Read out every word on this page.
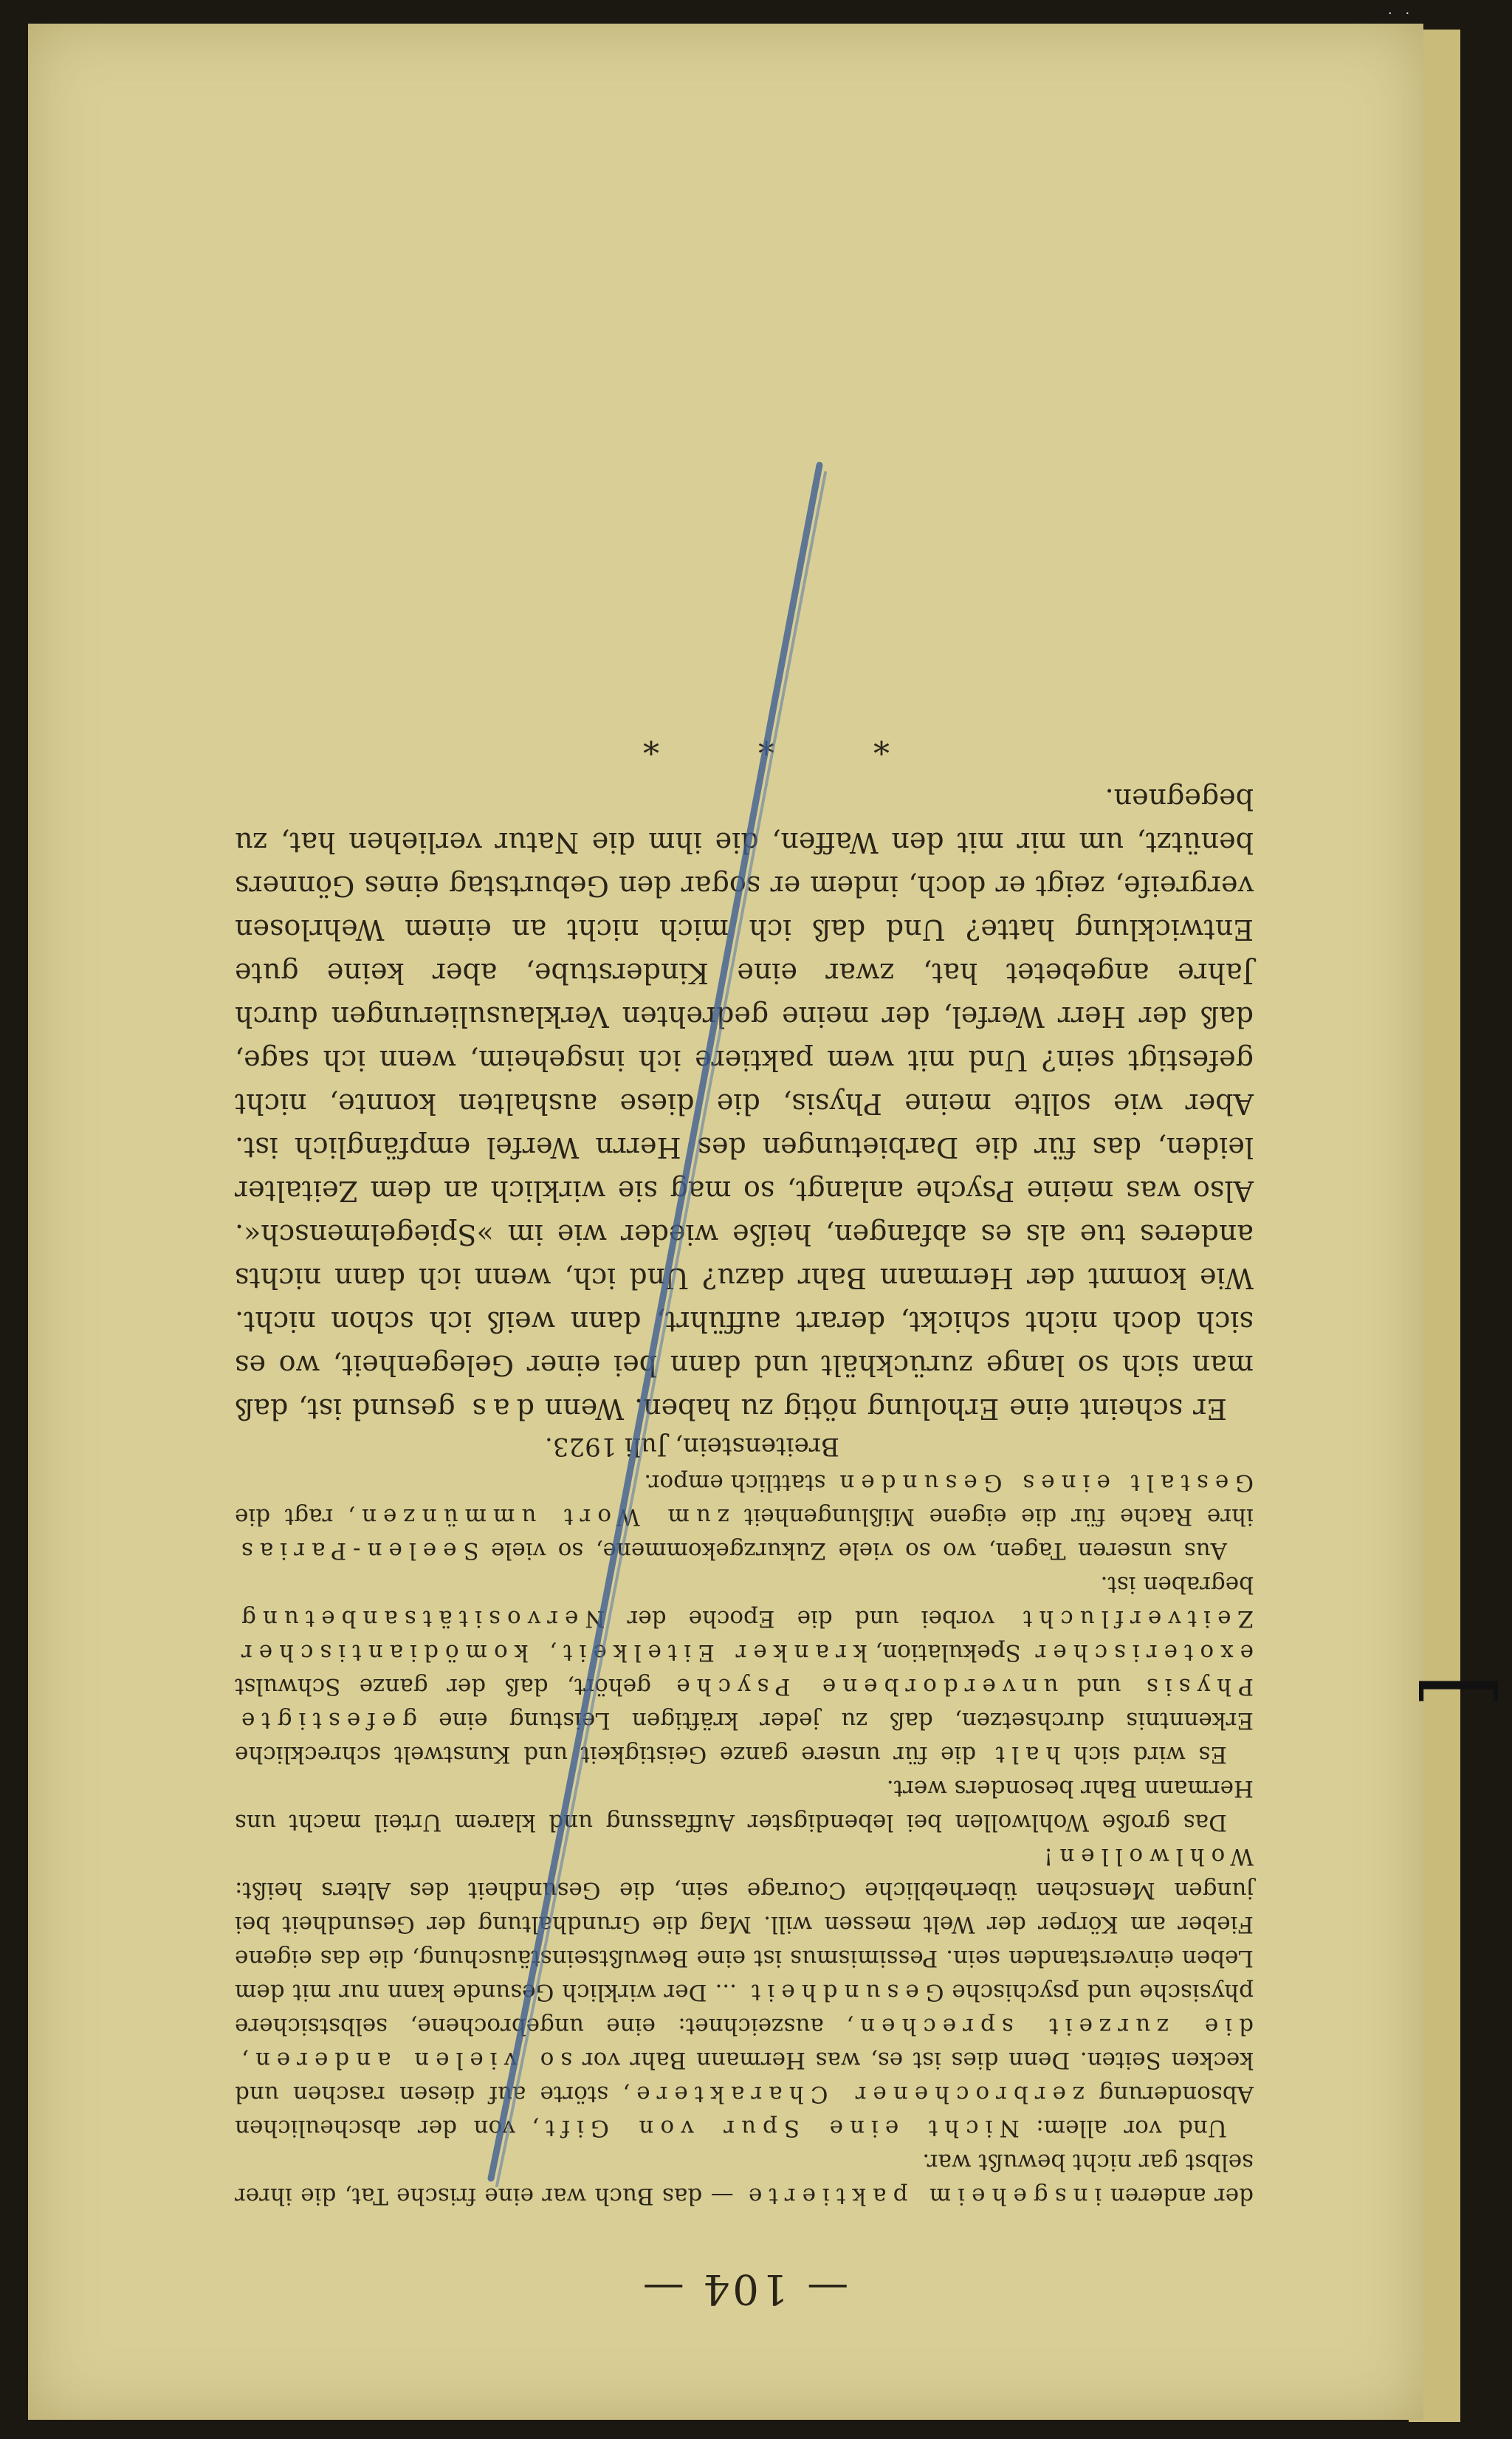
· ·
— 104 —

der anderen insgeheim paktierte — das Buch war eine frische Tat, die ihrer selbst gar nicht bewußt war.

Und vor allem: Nicht eine Spur von Gift, von der abscheulichen Absonderung zerbrochener Charaktere, störte auf diesen raschen und kecken Seiten. Denn dies ist es, was Hermann Bahr vor so vielen anderen, die zurzeit sprechen, auszeichnet: eine ungebrochene, selbstsichere physische und psychische Gesundheit ... Der wirklich Gesunde kann nur mit dem Leben einverstanden sein. Pessimismus ist eine Bewußtseinstäuschung, die das eigene Fieber am Körper der Welt messen will. Mag die Grundhaltung der Gesundheit bei jungen Menschen überhebliche Courage sein, die Gesundheit des Alters heißt: Wohlwollen!

Das große Wohlwollen bei lebendigster Auffassung und klarem Urteil macht uns Hermann Bahr besonders wert.

Es wird sich halt die für unsere ganze Geistigkeit und Kunstwelt schreckliche Erkenntnis durchsetzen, daß zu jeder kräftigen Leistung eine gefestigte Physis und unverdorbene Psyche gehört, daß der ganze Schwulst exoterischer Spekulation, kranker Eitelkeit, komödiantischer Zeitverflucht vorbei und die Epoche der Nervositätsanbetung begraben ist.

Aus unseren Tagen, wo so viele Zukurzgekommene, so viele Seelen-Parias ihre Rache für die eigene Mißlungenheit zum Wort ummünzen, ragt die Gestalt eines Gesunden stattlich empor.

Breitenstein, Juli 1923.

Er scheint eine Erholung nötig zu haben. Wenn das gesund ist, daß man sich so lange zurückhält und dann bei einer Gelegenheit, wo es sich doch nicht schickt, derart aufführt, dann weiß ich schon nicht. Wie kommt der Hermann Bahr dazu? Und ich, wenn ich dann nichts anderes tue als es abfangen, heiße wieder wie im »Spiegelmensch«. Also was meine Psyche anlangt, so mag sie wirklich an dem Zeitalter leiden, das für die Darbietungen des Herrn Werfel empfänglich ist. Aber wie sollte meine Physis, die diese aushalten konnte, nicht gefestigt sein? Und mit wem paktiere ich insgeheim, wenn ich sage, daß der Herr Werfel, der meine gedrehten Verklausulierungen durch Jahre angebetet hat, zwar eine Kinderstube, aber keine gute Entwicklung hatte? Und daß ich mich nicht an einem Wehrlosen vergreife, zeigt er doch, indem er sogar den Geburtstag eines Gönners benützt, um mir mit den Waffen, die ihm die Natur verliehen hat, zu begegnen.

* * *
[
